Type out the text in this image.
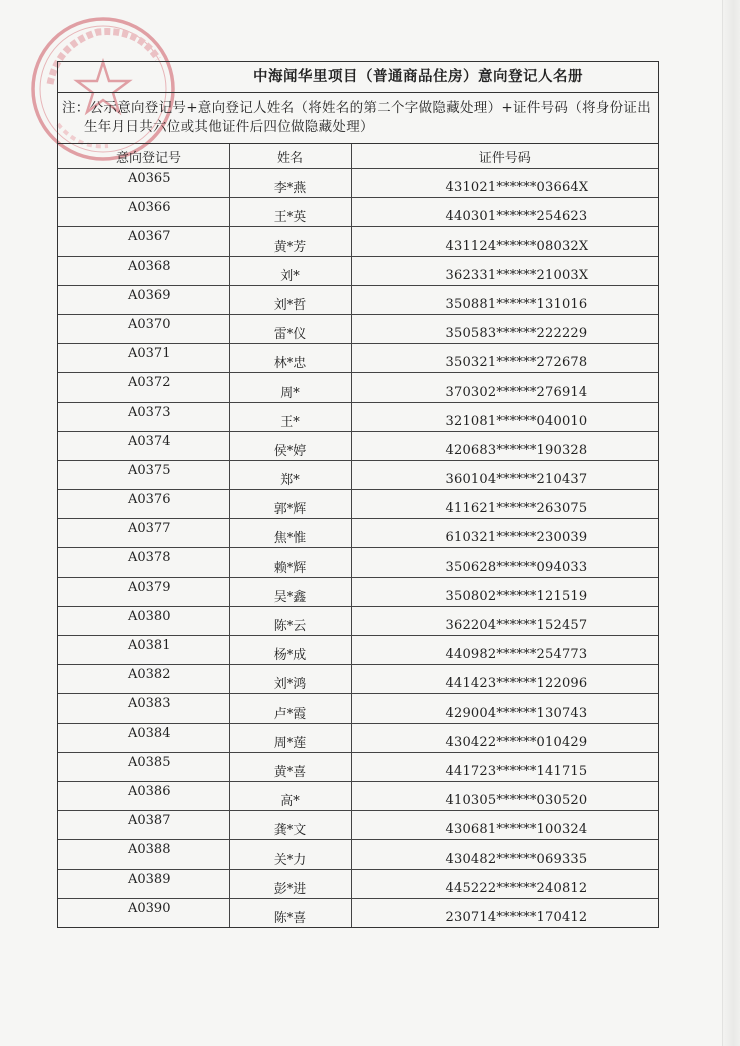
中海闻华里项目（普通商品住房）意向登记人名册
注：公示意向登记号+意向登记人姓名（将姓名的第二个字做隐藏处理）+证件号码（将身份证出生年月日共六位或其他证件后四位做隐藏处理）
意向登记号	姓名	证件号码

A0365	李*燕	431021******03664X

A0366	王*英	440301******254623

A0367	黄*芳	431124******08032X

A0368	刘*	362331******21003X

A0369	刘*哲	350881******131016

A0370	雷*仪	350583******222229

A0371	林*忠	350321******272678

A0372	周*	370302******276914

A0373	王*	321081******040010

A0374	侯*婷	420683******190328

A0375	郑*	360104******210437

A0376	郭*辉	411621******263075

A0377	焦*惟	610321******230039

A0378	赖*辉	350628******094033

A0379	吴*鑫	350802******121519

A0380	陈*云	362204******152457

A0381	杨*成	440982******254773

A0382	刘*鸿	441423******122096

A0383	卢*霞	429004******130743

A0384	周*莲	430422******010429

A0385	黄*喜	441723******141715

A0386	高*	410305******030520

A0387	龚*文	430681******100324

A0388	关*力	430482******069335

A0389	彭*进	445222******240812

A0390	陈*喜	230714******170412
